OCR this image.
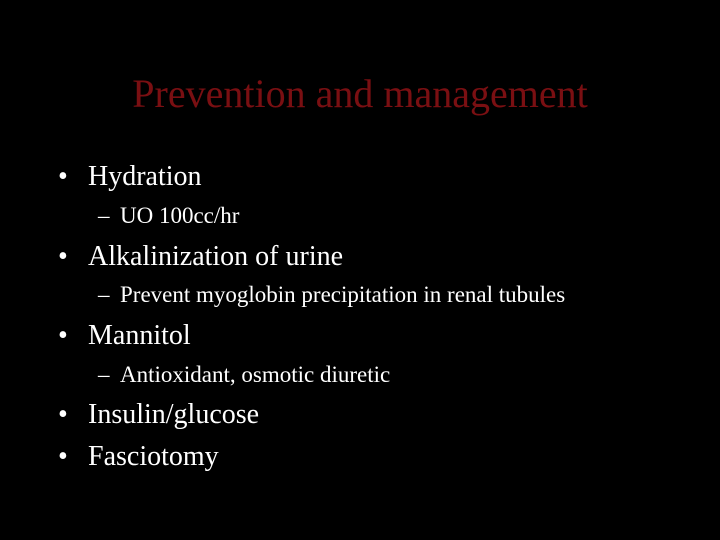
Prevention and management
• Hydration
– UO 100cc/hr
• Alkalinization of urine
– Prevent myoglobin precipitation in renal tubules
• Mannitol
– Antioxidant, osmotic diuretic
• Insulin/glucose
• Fasciotomy
